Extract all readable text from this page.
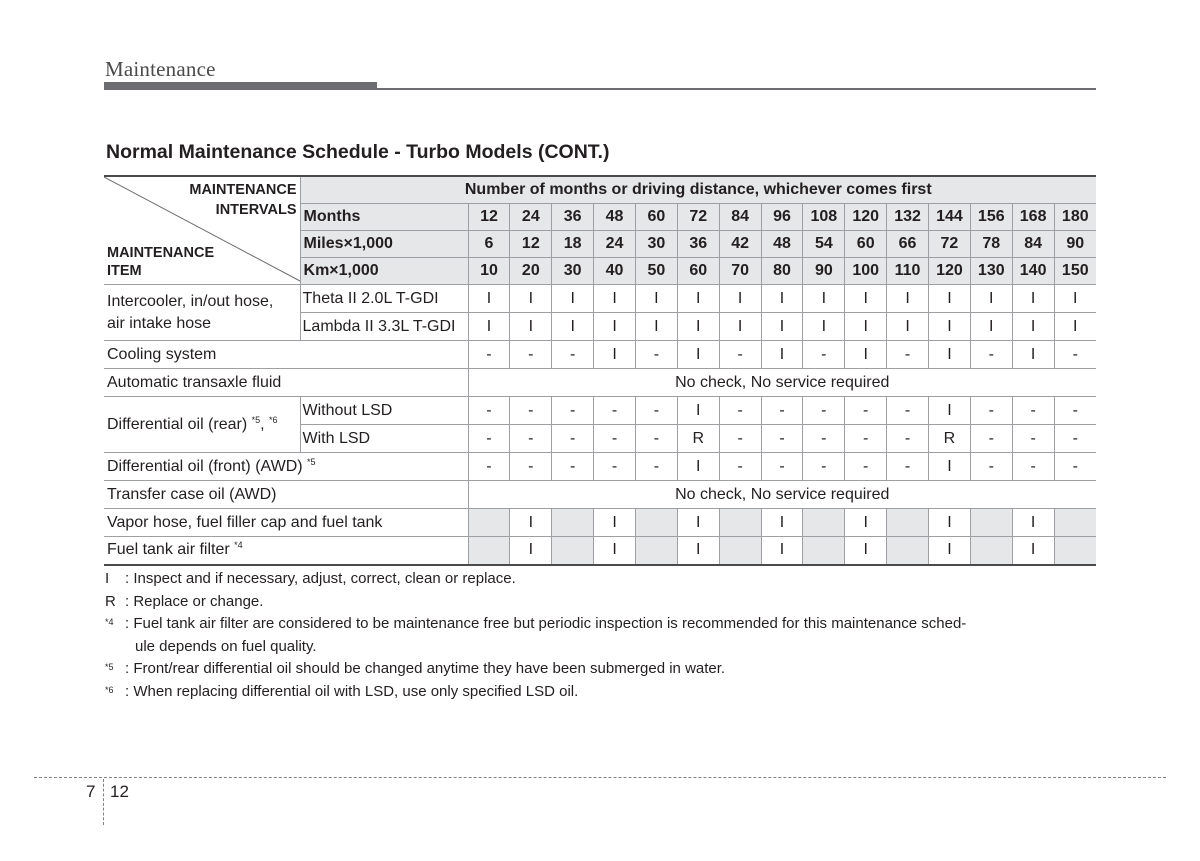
Maintenance
Normal Maintenance Schedule - Turbo Models (CONT.)
MAINTENANCE
INTERVALS
MAINTENANCE
ITEM	Number of months or driving distance, whichever comes first															
	Months	12	24	36	48	60	72	84	96	108	120	132	144	156	168	180
	Miles×1,000	6	12	18	24	30	36	42	48	54	60	66	72	78	84	90
	Km×1,000	10	20	30	40	50	60	70	80	90	100	110	120	130	140	150

Intercooler, in/out hose,
air intake hose	Theta II 2.0L T-GDI	I	I	I	I	I	I	I	I	I	I	I	I	I	I	I
	Lambda II 3.3L T-GDI	I	I	I	I	I	I	I	I	I	I	I	I	I	I	I
Cooling system		-	-	-	I	-	I	-	I	-	I	-	I	-	I	-
Automatic transaxle fluid		No check, No service required														
Differential oil (rear) $^{*5}$, $^{*6}$	Without LSD	-	-	-	-	-	I	-	-	-	-	-	I	-	-	-
	With LSD	-	-	-	-	-	R	-	-	-	-	-	R	-	-	-
Differential oil (front) (AWD) $^{*5}$		-	-	-	-	-	I	-	-	-	-	-	I	-	-	-
Transfer case oil (AWD)		No check, No service required														
Vapor hose, fuel filler cap and fuel tank			I		I		I		I		I		I		I	
Fuel tank air filter $^{*4}$			I		I		I		I		I		I		I	
I	: Inspect and if necessary, adjust, correct, clean or replace.
R : Replace or change.
*4 : Fuel tank air filter are considered to be maintenance free but periodic inspection is recommended for this maintenance sched-
ule depends on fuel quality.
*5 : Front/rear differential oil should be changed anytime they have been submerged in water.
*6 : When replacing differential oil with LSD, use only specified LSD oil.
7 12
